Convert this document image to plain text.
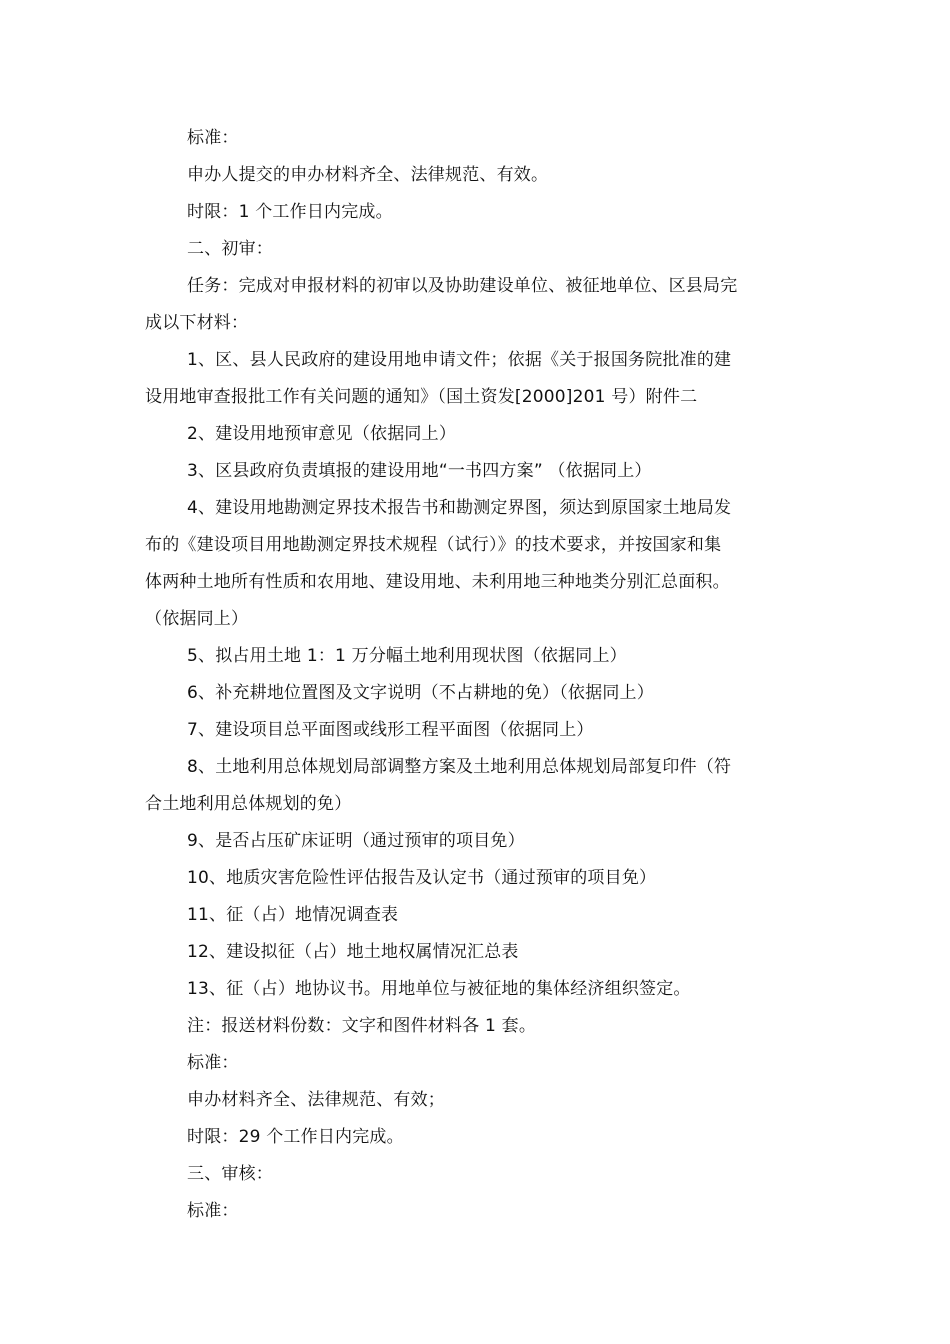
标准：

申办人提交的申办材料齐全、法律规范、有效。

时限：1 个工作日内完成。

二、初审：

任务：完成对申报材料的初审以及协助建设单位、被征地单位、区县局完

成以下材料：

1、区、县人民政府的建设用地申请文件；依据《关于报国务院批准的建

设用地审查报批工作有关问题的通知》（国土资发[2000]201 号）附件二

2、建设用地预审意见（依据同上）

3、区县政府负责填报的建设用地“一书四方案” （依据同上）

4、建设用地勘测定界技术报告书和勘测定界图，须达到原国家土地局发

布的《建设项目用地勘测定界技术规程（试行）》的技术要求，并按国家和集

体两种土地所有性质和农用地、建设用地、未利用地三种地类分别汇总面积。

（依据同上）

5、拟占用土地 1：1 万分幅土地利用现状图（依据同上）

6、补充耕地位置图及文字说明（不占耕地的免）（依据同上）

7、建设项目总平面图或线形工程平面图（依据同上）

8、土地利用总体规划局部调整方案及土地利用总体规划局部复印件（符

合土地利用总体规划的免）

9、是否占压矿床证明（通过预审的项目免）

10、地质灾害危险性评估报告及认定书（通过预审的项目免）

11、征（占）地情况调查表

12、建设拟征（占）地土地权属情况汇总表

13、征（占）地协议书。用地单位与被征地的集体经济组织签定。

注：报送材料份数：文字和图件材料各 1 套。

标准：

申办材料齐全、法律规范、有效；

时限：29 个工作日内完成。

三、审核：

标准：
